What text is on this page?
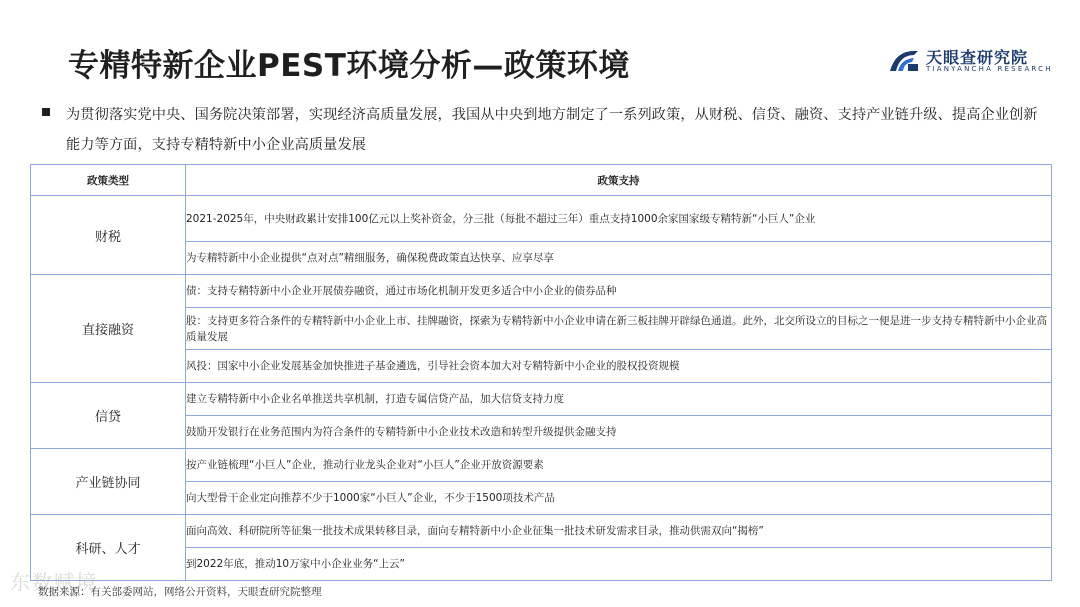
专精特新企业PEST环境分析—政策环境	天眼查研究院
TIANYANCHA RESEARCH
为贯彻落实党中央、国务院决策部署，实现经济高质量发展，我国从中央到地方制定了一系列政策，从财税、信贷、融资、支持产业链升级、提高企业创新能力等方面，支持专精特新中小企业高质量发展
政策类型	政策支持
财税	2021-2025年，中央财政累计安排100亿元以上奖补资金，分三批（每批不超过三年）重点支持1000余家国家级专精特新“小巨人”企业
	为专精特新中小企业提供“点对点”精细服务，确保税费政策直达快享、应享尽享
直接融资	债：支持专精特新中小企业开展债券融资，通过市场化机制开发更多适合中小企业的债券品种
	股：支持更多符合条件的专精特新中小企业上市、挂牌融资，探索为专精特新中小企业申请在新三板挂牌开辟绿色通道。此外，北交所设立的目标之一便是进一步支持专精特新中小企业高质量发展
	风投：国家中小企业发展基金加快推进子基金遴选，引导社会资本加大对专精特新中小企业的股权投资规模
信贷	建立专精特新中小企业名单推送共享机制，打造专属信贷产品，加大信贷支持力度
	鼓励开发银行在业务范围内为符合条件的专精特新中小企业技术改造和转型升级提供金融支持
产业链协同	按产业链梳理“小巨人”企业，推动行业龙头企业对“小巨人”企业开放资源要素
	向大型骨干企业定向推荐不少于1000家“小巨人”企业，不少于1500项技术产品
科研、人才	面向高效、科研院所等征集一批技术成果转移目录，面向专精特新中小企业征集一批技术研发需求目录，推动供需双向“揭榜”
	到2022年底，推动10万家中小企业业务“上云”
东数赋境
数据来源：有关部委网站，网络公开资料，天眼查研究院整理
